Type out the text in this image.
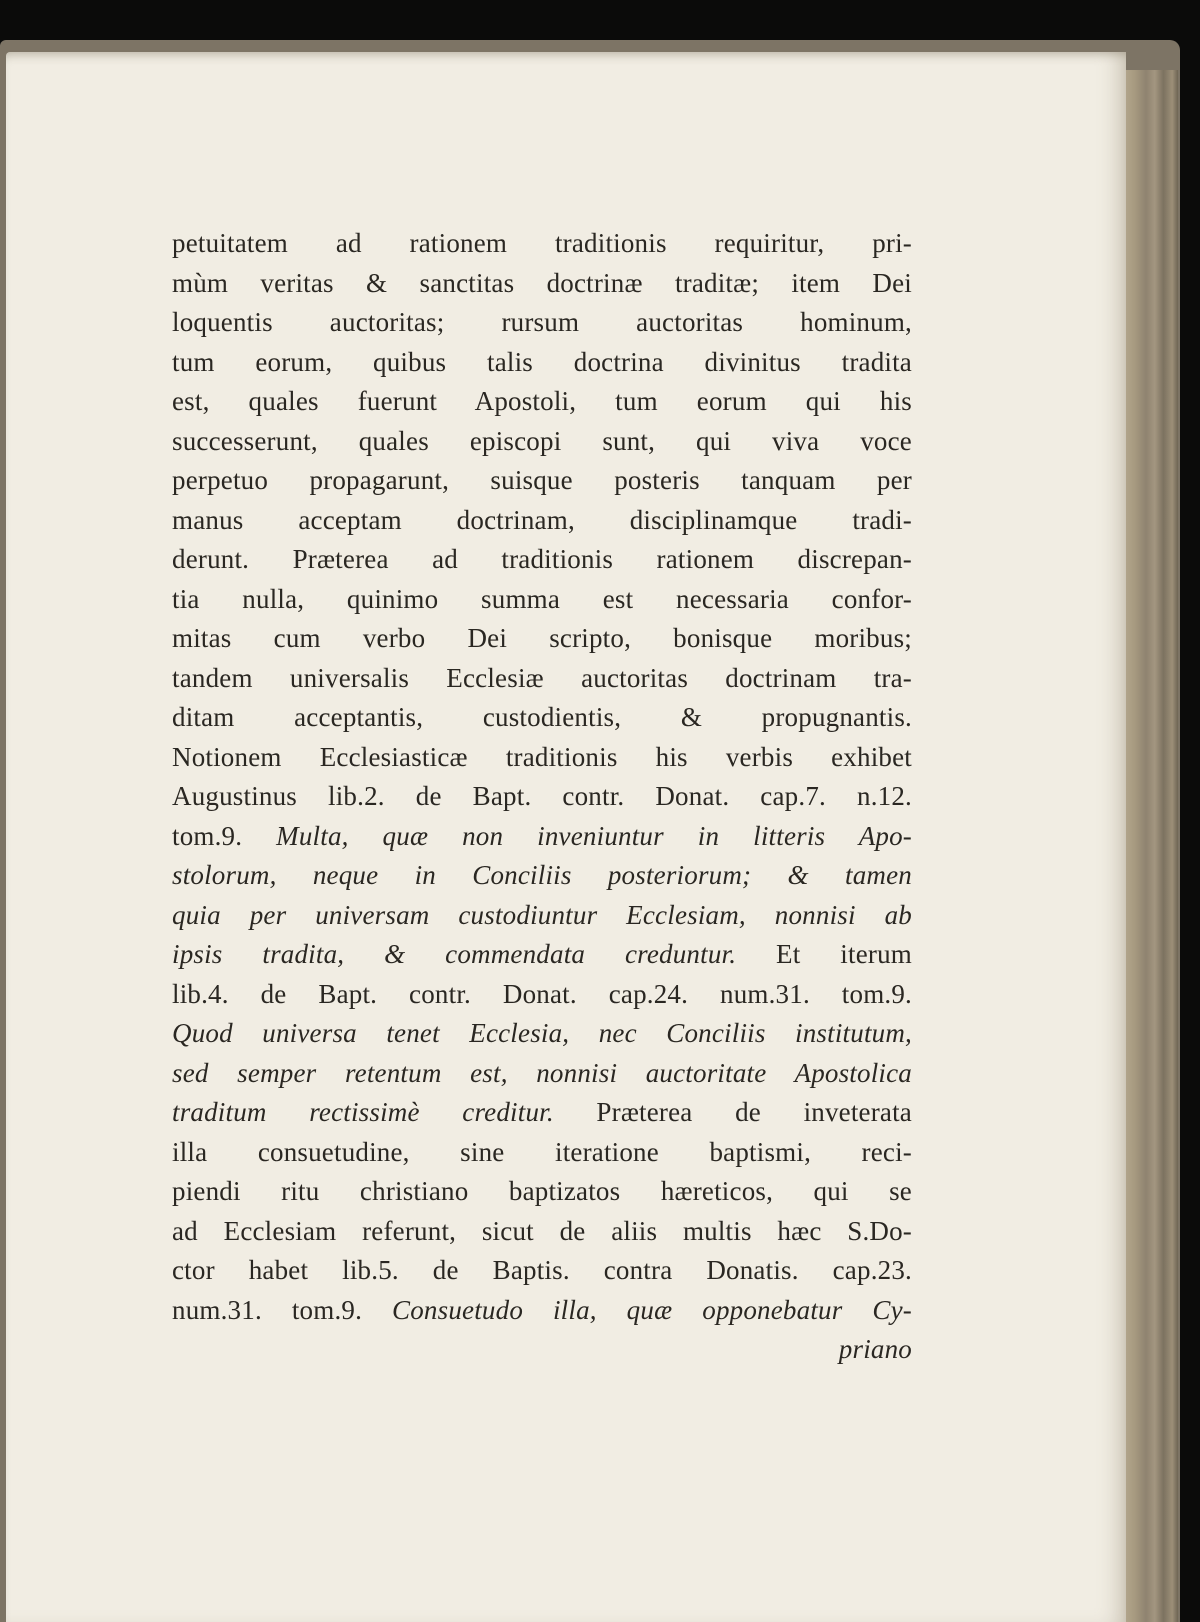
petuitatem ad rationem traditionis requiritur, pri-
mùm veritas & sanctitas doctrinæ traditæ; item Dei
loquentis auctoritas; rursum auctoritas hominum,
tum eorum, quibus talis doctrina divinitus tradita
est, quales fuerunt Apostoli, tum eorum qui his
successerunt, quales episcopi sunt, qui viva voce
perpetuo propagarunt, suisque posteris tanquam per
manus acceptam doctrinam, disciplinamque tradi-
derunt. Præterea ad traditionis rationem discrepan-
tia nulla, quinimo summa est necessaria confor-
mitas cum verbo Dei scripto, bonisque moribus;
tandem universalis Ecclesiæ auctoritas doctrinam tra-
ditam acceptantis, custodientis, & propugnantis.
Notionem Ecclesiasticæ traditionis his verbis exhibet
Augustinus lib.2. de Bapt. contr. Donat. cap.7. n.12.
tom.9. Multa, quæ non inveniuntur in litteris Apo-
stolorum, neque in Conciliis posteriorum; & tamen
quia per universam custodiuntur Ecclesiam, nonnisi ab
ipsis tradita, & commendata creduntur. Et iterum
lib.4. de Bapt. contr. Donat. cap.24. num.31. tom.9.
Quod universa tenet Ecclesia, nec Conciliis institutum,
sed semper retentum est, nonnisi auctoritate Apostolica
traditum rectissimè creditur. Præterea de inveterata
illa consuetudine, sine iteratione baptismi, reci-
piendi ritu christiano baptizatos hæreticos, qui se
ad Ecclesiam referunt, sicut de aliis multis hæc S.Do-
ctor habet lib.5. de Baptis. contra Donatis. cap.23.
num.31. tom.9. Consuetudo illa, quæ opponebatur Cy-
priano
